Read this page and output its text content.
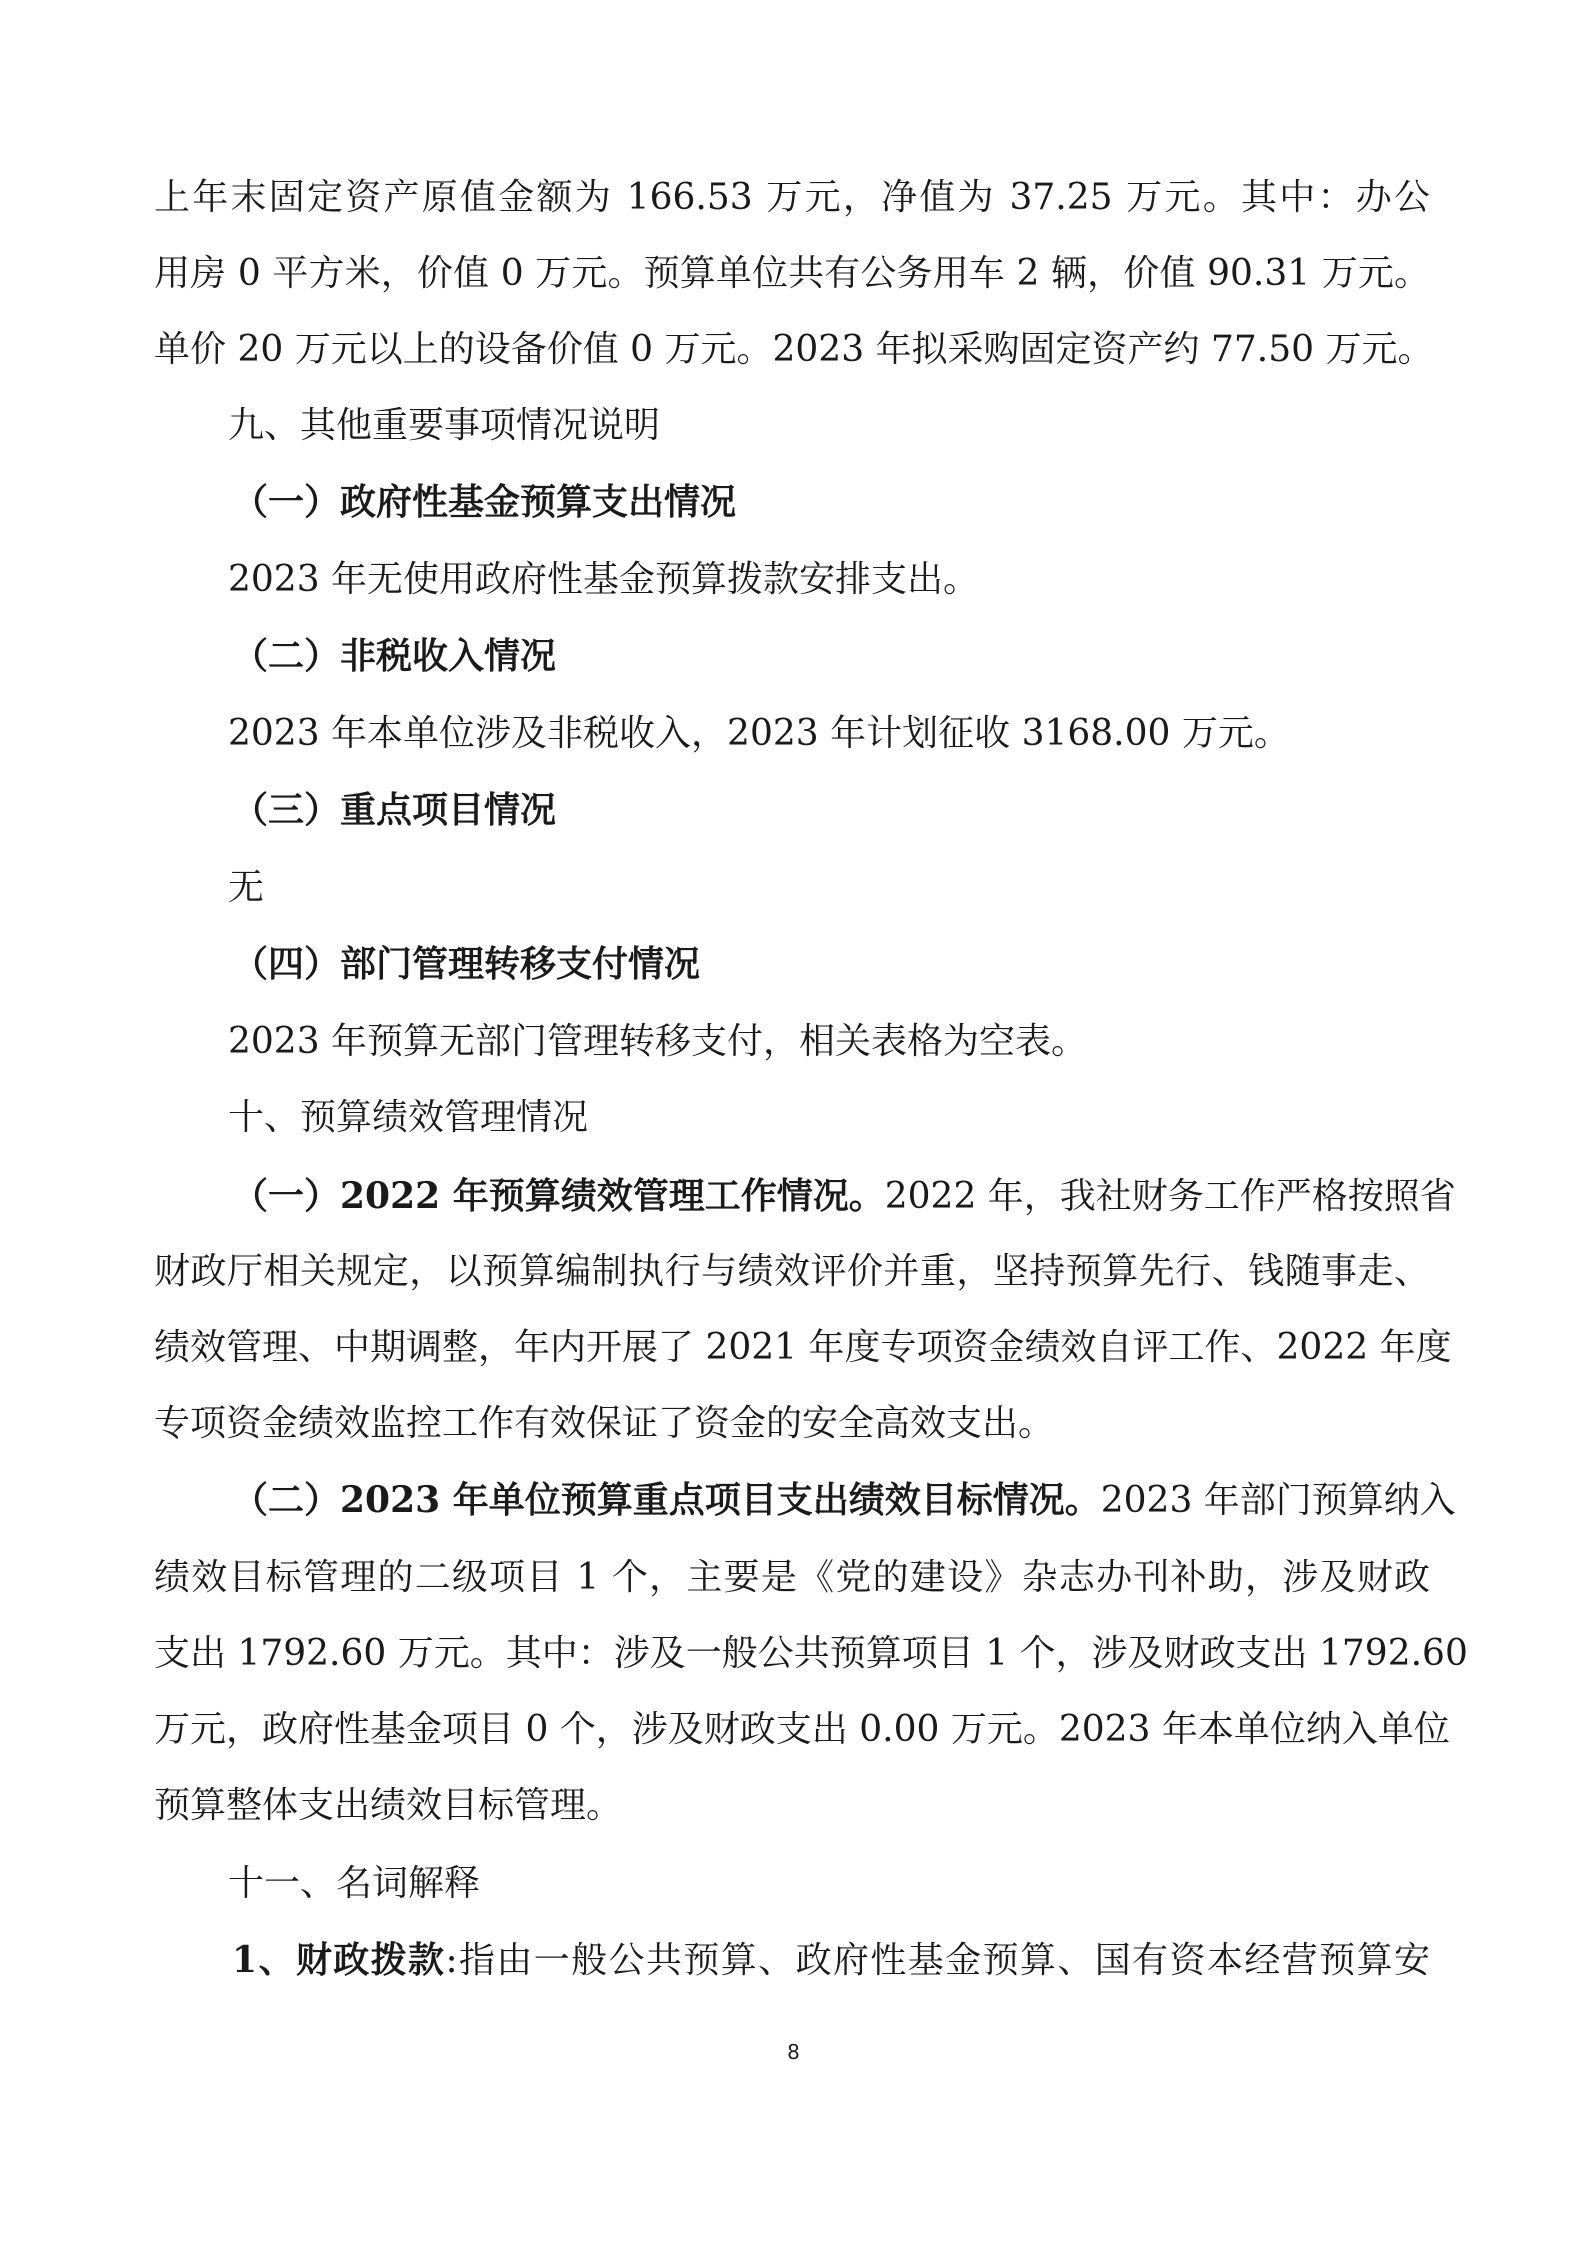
上年末固定资产原值金额为 166.53 万元，净值为 37.25 万元。其中：办公
用房 0 平方米，价值 0 万元。预算单位共有公务用车 2 辆，价值 90.31 万元。
单价 20 万元以上的设备价值 0 万元。2023 年拟采购固定资产约 77.50 万元。
九、其他重要事项情况说明
（一）政府性基金预算支出情况
2023 年无使用政府性基金预算拨款安排支出。
（二）非税收入情况
2023 年本单位涉及非税收入，2023 年计划征收 3168.00 万元。
（三）重点项目情况
无
（四）部门管理转移支付情况
2023 年预算无部门管理转移支付，相关表格为空表。
十、预算绩效管理情况
（一）2022 年预算绩效管理工作情况。2022 年，我社财务工作严格按照省
财政厅相关规定，以预算编制执行与绩效评价并重，坚持预算先行、钱随事走、
绩效管理、中期调整，年内开展了 2021 年度专项资金绩效自评工作、2022 年度
专项资金绩效监控工作有效保证了资金的安全高效支出。
（二）2023 年单位预算重点项目支出绩效目标情况。2023 年部门预算纳入
绩效目标管理的二级项目 1 个，主要是《党的建设》杂志办刊补助，涉及财政
支出 1792.60 万元。其中：涉及一般公共预算项目 1 个，涉及财政支出 1792.60
万元，政府性基金项目 0 个，涉及财政支出 0.00 万元。2023 年本单位纳入单位
预算整体支出绩效目标管理。
十一、名词解释
1、财政拨款:指由一般公共预算、政府性基金预算、国有资本经营预算安
8
